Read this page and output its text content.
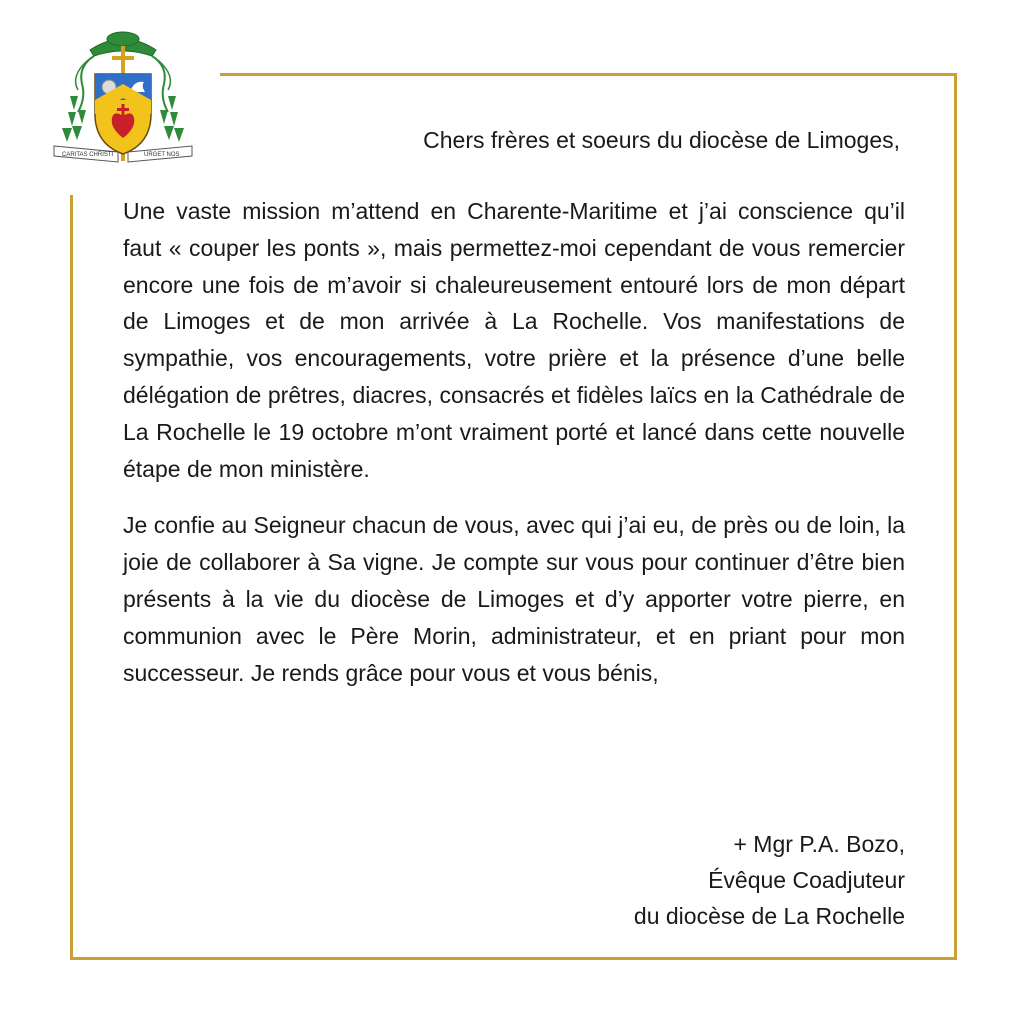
CARITAS CHRISTI	URGET NOS
Chers frères et soeurs du diocèse de Limoges,

Une vaste mission m’attend en Charente-Maritime et j’ai conscience qu’il faut « couper les ponts », mais permettez-moi cependant de vous remercier encore une fois de m’avoir si chaleureusement entouré lors de mon départ de Limoges et de mon arrivée à La Rochelle. Vos manifestations de sympathie, vos encouragements, votre prière et la présence d’une belle délégation de prêtres, diacres, consacrés et fidèles laïcs en la Cathédrale de La Rochelle le 19 octobre m’ont vraiment porté et lancé dans cette nouvelle étape de mon ministère.

Je confie au Seigneur chacun de vous, avec qui j’ai eu, de près ou de loin, la joie de collaborer à Sa vigne. Je compte sur vous pour continuer d’être bien présents à la vie du diocèse de Limoges et d’y apporter votre pierre, en communion avec le Père Morin, administrateur, et en priant pour mon successeur. Je rends grâce pour vous et vous bénis,

+ Mgr P.A. Bozo,
Évêque Coadjuteur
du diocèse de La Rochelle
